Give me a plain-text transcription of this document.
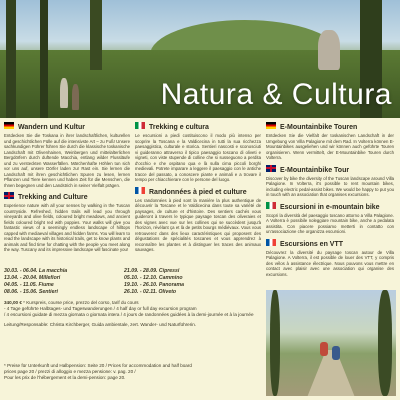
Natura & Cultura
Wandern und Kultur

Entdecken Sie die Toskana in ihrer landschaftlichen, kulturellen und geschichtlichen Fülle auf die intensivste Art – zu Fuß! Unsere sachkundigen Führer führen Sie durch die klassische toskanische Landschaft mit Olivenhainen, Weinbergen und mittelalterlichen Bergdörfern durch duftende Macchia, entlang wilder Flussläufe und zu versteckten Wasserfällen. Märchenhafte Höhlen tun sich vor uns auf, unsere Dörfer laden zur Rast ein. Sie lernen die Landschaft mit ihren geschichtlichen Spuren zu lesen, lernen Pflanzen und Tiere kennen und haben Zeit für die Menschen, die Ihnen begegnen und den Landstrich in seiner Vielfalt prägen.

Trekking and Culture

Experience nature with all your senses by walking in the Tuscan countryside. Refreshed, hidden trails will lead you through vineyards and olive fields, coloured bright meadows, and ancient fields coloured bright red with poppies. Your walks will give you fantastic views of a seemingly endless landscape of hilltops capped with mediaeval villages and hidden farms. You will learn to read the landscape with its historical trails, get to know plants and animals and find time for chatting with the people you meet along the way. Tuscany and its impressive landscape will fascinate you!

Trekking e cultura

Le escursioni a piedi costituiscono il modo più intenso per scoprire la Toscana e la Valdicecina in tutti la sua ricchezza paesaggistica, culturale e storica. Sentieri nascosti e sconosciuti vi guideranno attraverso il tipico paesaggio toscano di oliveti e vigneti, con viste stupende di colline che si susseguono a perdita d'occhio e che ospitano qua e là sulla cima piccoli borghi medievali. Potrete imparare a leggere il paesaggio con le antiche tracce del passato, a conoscere piante e animali e a trovare il tempo per chiacchierare con le persone del luogo.

Randonnées à pied et culture

Les randonnées à pied sont la manière la plus authentique de découvrir la Toscane et le Valdicecina dans toute sa variété de paysages, de culture et d'histoire. Des sentiers cachés vous guideront à travers le typique paysage toscan des oliveraies et des vignes avec vue sur les collines qui se succèdent jusqu'à l'horizon, révélant ça et là de petits bourgs médiévaux. Vous vous retrouverez dans des lieux caractéristiques qui proposent des dégustations de spécialités toscanes et vous apprendrez à reconnaître les plantes et à distinguer les traces des animaux sauvages.

E-Mountainbike Touren

Entdecken Sie die Vielfalt der toskanischen Landschaft in der Umgebung von Villa Palagione mit dem Rad. In Volterra können E-Mountainbikes ausgeliehen und wir können auch geführte Touren organisieren. Wenn vermittelt, der E-Mountainbike Touren durch Volterra.

E-Mountainbike Tour

Discover by bike the diversity of the Tuscan landscape around Villa Palagione. In Volterra, it's possible to rent mountain bikes, including electric pedal-assist bikes. We would be happy to put you in touch with an association that organises excursions.

Escursioni in e-mountain bike

Scopri la diversità del paesaggio toscano attorno a Villa Palagione. A Volterra è possibile noleggiare mountain bike, anche a pedalata assistita. Con piacere possiamo metterti in contatto con un'associazione che organizza escursioni.

Escursions en VTT

Découvrez la diversité du paysage toscan autour de Villa Palagione. A Volterra, il est possible de louer des VTT, y compris des vélos à assistance électrique. Nous pouvons vous mettre en contact avec plaisir avec une association qui organise des excursions.

30.03. - 06.04. La macchia	21.09. - 28.09. Cipressi
13.04. - 20.04. Millefiori	05.10. - 12.10. Cammino
04.05. - 11.05. Fiume	19.10. - 26.10. Panorama
08.06. - 15.06. Sentieri	26.10. - 02.11. Oliveto
340,00 € * Kurspreis, course price, prezzo del corso, tarif du cours
- 4 Tage geführte Halbtages- und Tageswanderungen / 4 half day or full day excursion program
/ 4 escursioni guidate di mezza giornata o giornata intera / 4 jours de randonnées guidées à la demi-journée et à la journée
Leitung/Responsable: Christa Kirchberger, Guida ambientale, zert. Wander- und Naturführerin.
* Preise für Unterkunft und Halbpension: Seite 20 / Prices for accommodation and half board
prices page 20 / prezzi di alloggio e mezza pensione: v. pag. 20 /
Pour les prix de l'hébergement et la demi-pension: page 20.
